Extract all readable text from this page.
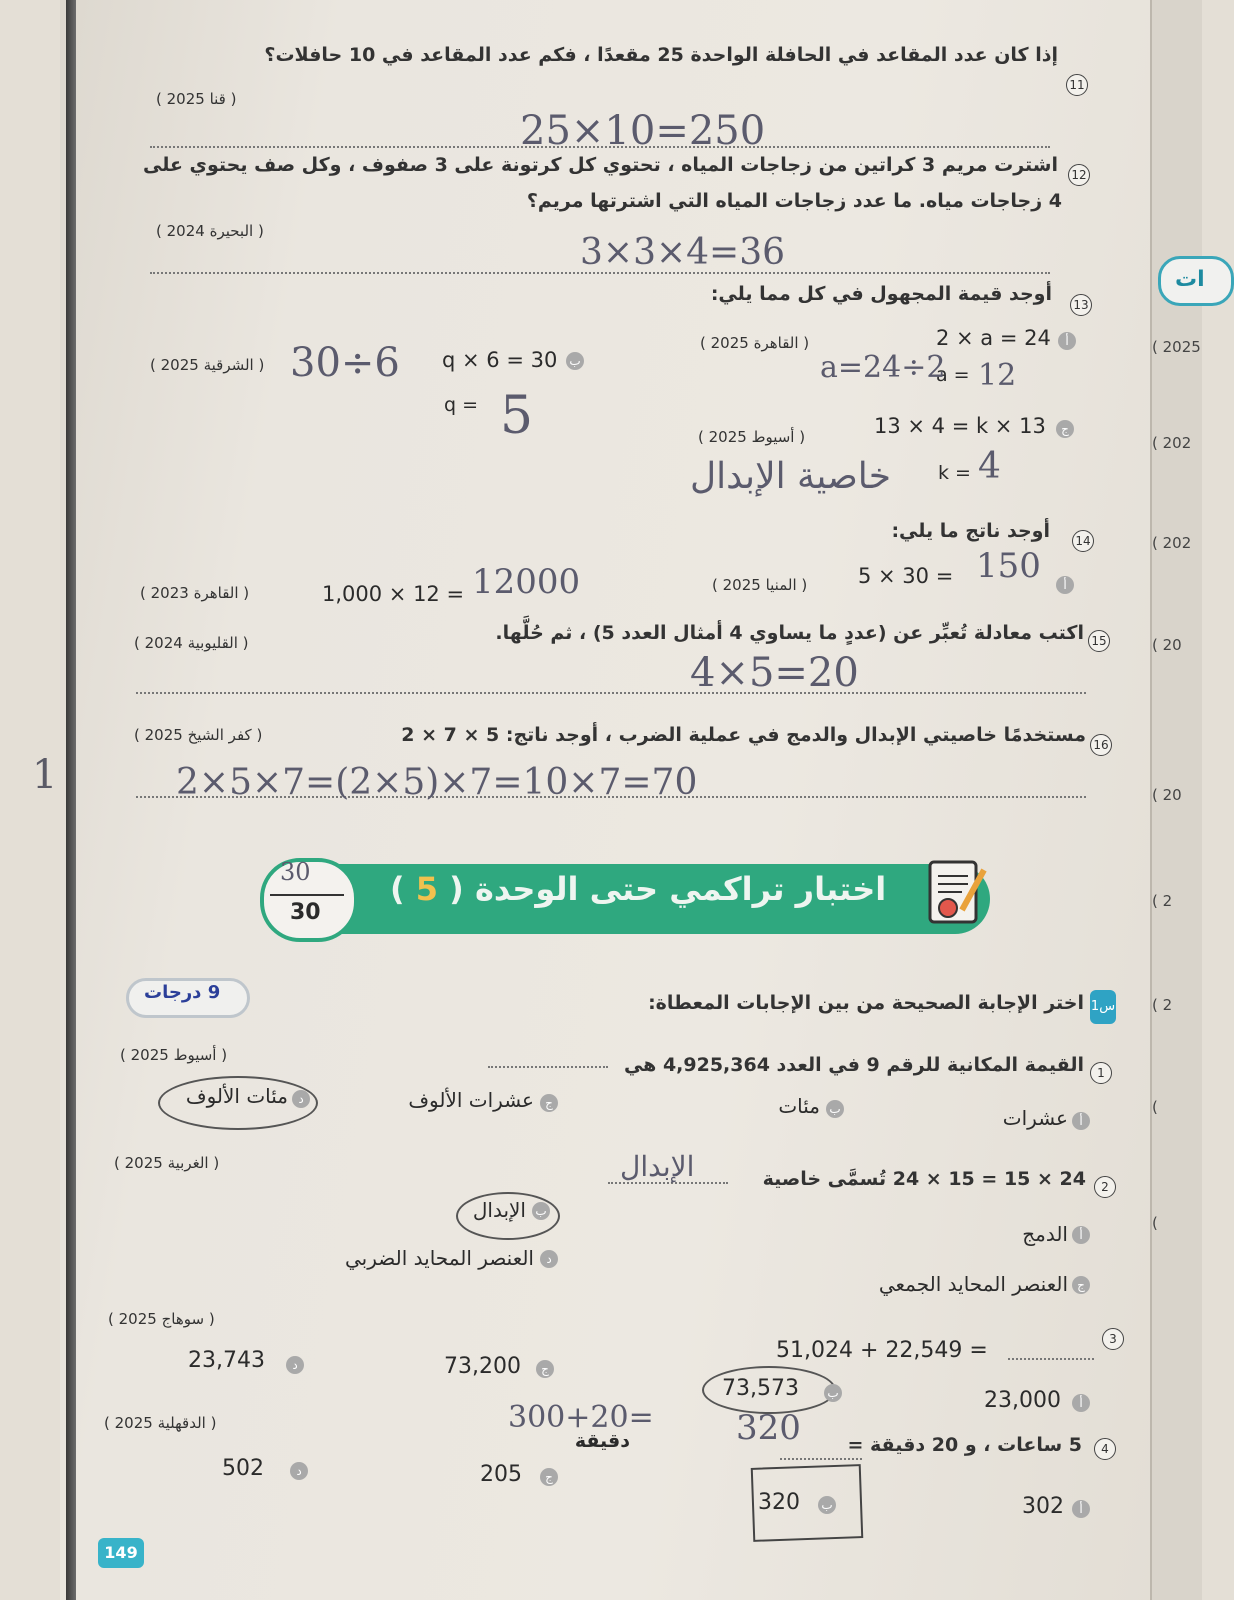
1
11
إذا كان عدد المقاعد في الحافلة الواحدة 25 مقعدًا ، فكم عدد المقاعد في 10 حافلات؟
( قنا 2025 )
25×10=250
12
اشترت مريم 3 كراتين من زجاجات المياه ، تحتوي كل كرتونة على 3 صفوف ، وكل صف يحتوي على
4 زجاجات مياه. ما عدد زجاجات المياه التي اشترتها مريم؟
( البحيرة 2024 )
3×3×4=36
13
أوجد قيمة المجهول في كل مما يلي:
أ
2 × a = 24
( القاهرة 2025 )
a =
a=24÷2 12
ب
q × 6 = 30
( الشرقية 2025 ) 30÷6
q = 5	ج
13 × 4 = k × 13
( أسيوط 2025 )
k = 4
خاصية الإبدال
14
أوجد ناتج ما يلي:
أ
5 × 30 =
( المنيا 2025 )	150
1,000 × 12 =
( القاهرة 2023 )	12000
15
اكتب معادلة تُعبِّر عن (عددٍ ما يساوي 4 أمثال العدد 5) ، ثم حُلَّها.
( القليوبية 2024 )
4×5=20
16
مستخدمًا خاصيتي الإبدال والدمج في عملية الضرب ، أوجد ناتج: 5 × 7 × 2
( كفر الشيخ 2025 )
2×5×7=(2×5)×7=10×7=70
اختبار تراكمي حتى الوحدة ( 5 )
30
30
9 درجات
س1
اختر الإجابة الصحيحة من بين الإجابات المعطاة:
1
القيمة المكانية للرقم 9 في العدد 4,925,364 هي
( أسيوط 2025 )
أ
عشرات
ب
مئات
ج
عشرات الألوف
د
مئات الألوف
2
24 × 15 = 15 × 24 تُسمَّى خاصية
الإبدال
( الغربية 2025 )
أ
الدمج
ب
الإبدال
ج
العنصر المحايد الجمعي
د
العنصر المحايد الضربي
3
51,024 + 22,549 =
( سوهاج 2025 )
أ
23,000
ب
73,573
ج
73,200
د
23,743
4
5 ساعات ، و 20 دقيقة =
دقيقة
300+20= 320
( الدقهلية 2025 )
أ
302
ب
320
ج
205
د
502
149
ات
( 2025
( 202
( 202
( 20
( 20
( 2
( 2
(
(
